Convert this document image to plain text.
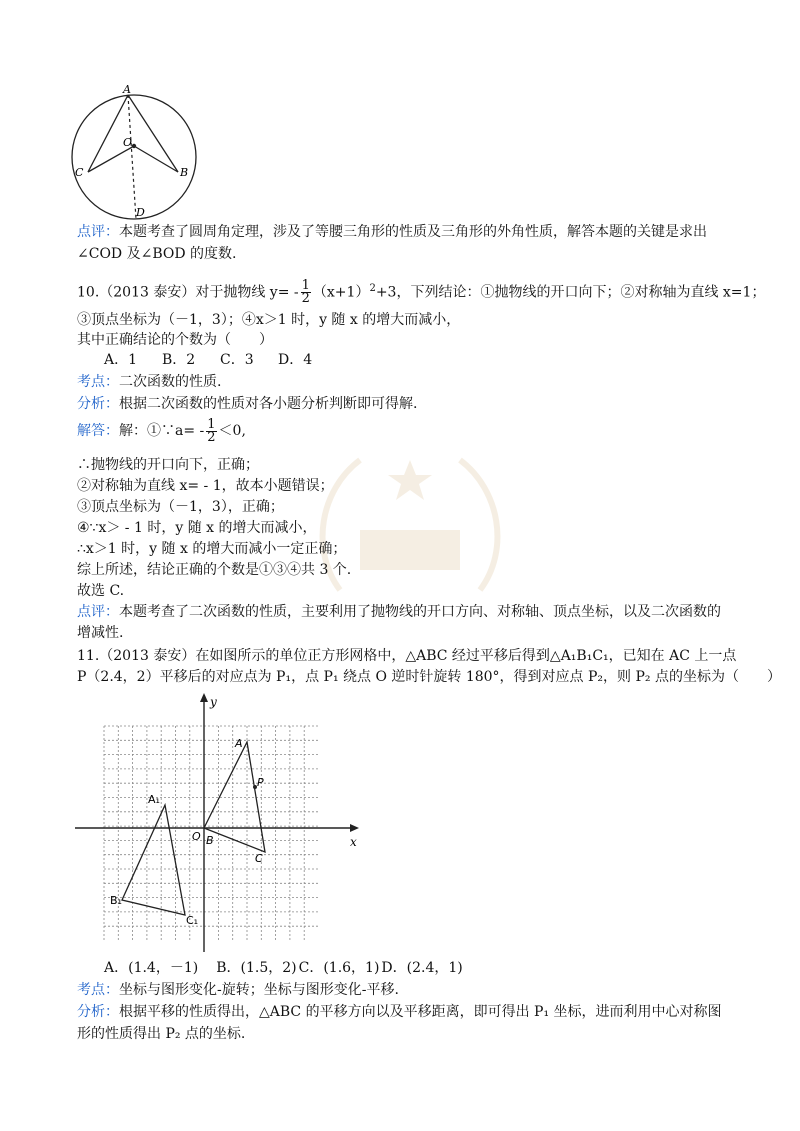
A
O
C	B
D
点评：本题考查了圆周角定理，涉及了等腰三角形的性质及三角形的外角性质，解答本题的关键是求出
∠COD 及∠BOD 的度数.
10.（2013 泰安）对于抛物线 $y= - \frac{1}{2} (x+1)^2+3$，下列结论：①抛物线的开口向下；②对称轴为直线 x=1；
③顶点坐标为（－1，3）；④x＞1 时，y 随 x 的增大而减小，
其中正确结论的个数为（　　）
A．1 B．2 C．3 D．4
考点：二次函数的性质.
分析：根据二次函数的性质对各小题分析判断即可得解.
解答：解：①∵a= - $\frac{1}{2} <0$,
∴抛物线的开口向下，正确；
②对称轴为直线 x= - 1，故本小题错误；
③顶点坐标为（－1，3），正确；
④∵x＞ - 1 时，y 随 x 的增大而减小，
∴x＞1 时，y 随 x 的增大而减小一定正确；
综上所述，结论正确的个数是①③④共 3 个.
故选 C.
点评：本题考查了二次函数的性质，主要利用了抛物线的开口方向、对称轴、顶点坐标，以及二次函数的
增减性.
11.（2013 泰安）在如图所示的单位正方形网格中，△ABC 经过平移后得到△A₁B₁C₁，已知在 AC 上一点
P（2.4，2）平移后的对应点为 P₁，点 P₁ 绕点 O 逆时针旋转 180°，得到对应点 P₂，则 P₂ 点的坐标为（　　）
y
x
A
P
A₁
O B
C
B₁
C₁
A．(1.4，－1) B．(1.5，2) C．(1.6，1) D．(2.4，1)
考点：坐标与图形变化-旋转；坐标与图形变化-平移.
分析：根据平移的性质得出，△ABC 的平移方向以及平移距离，即可得出 P₁ 坐标，进而利用中心对称图
形的性质得出 P₂ 点的坐标.
